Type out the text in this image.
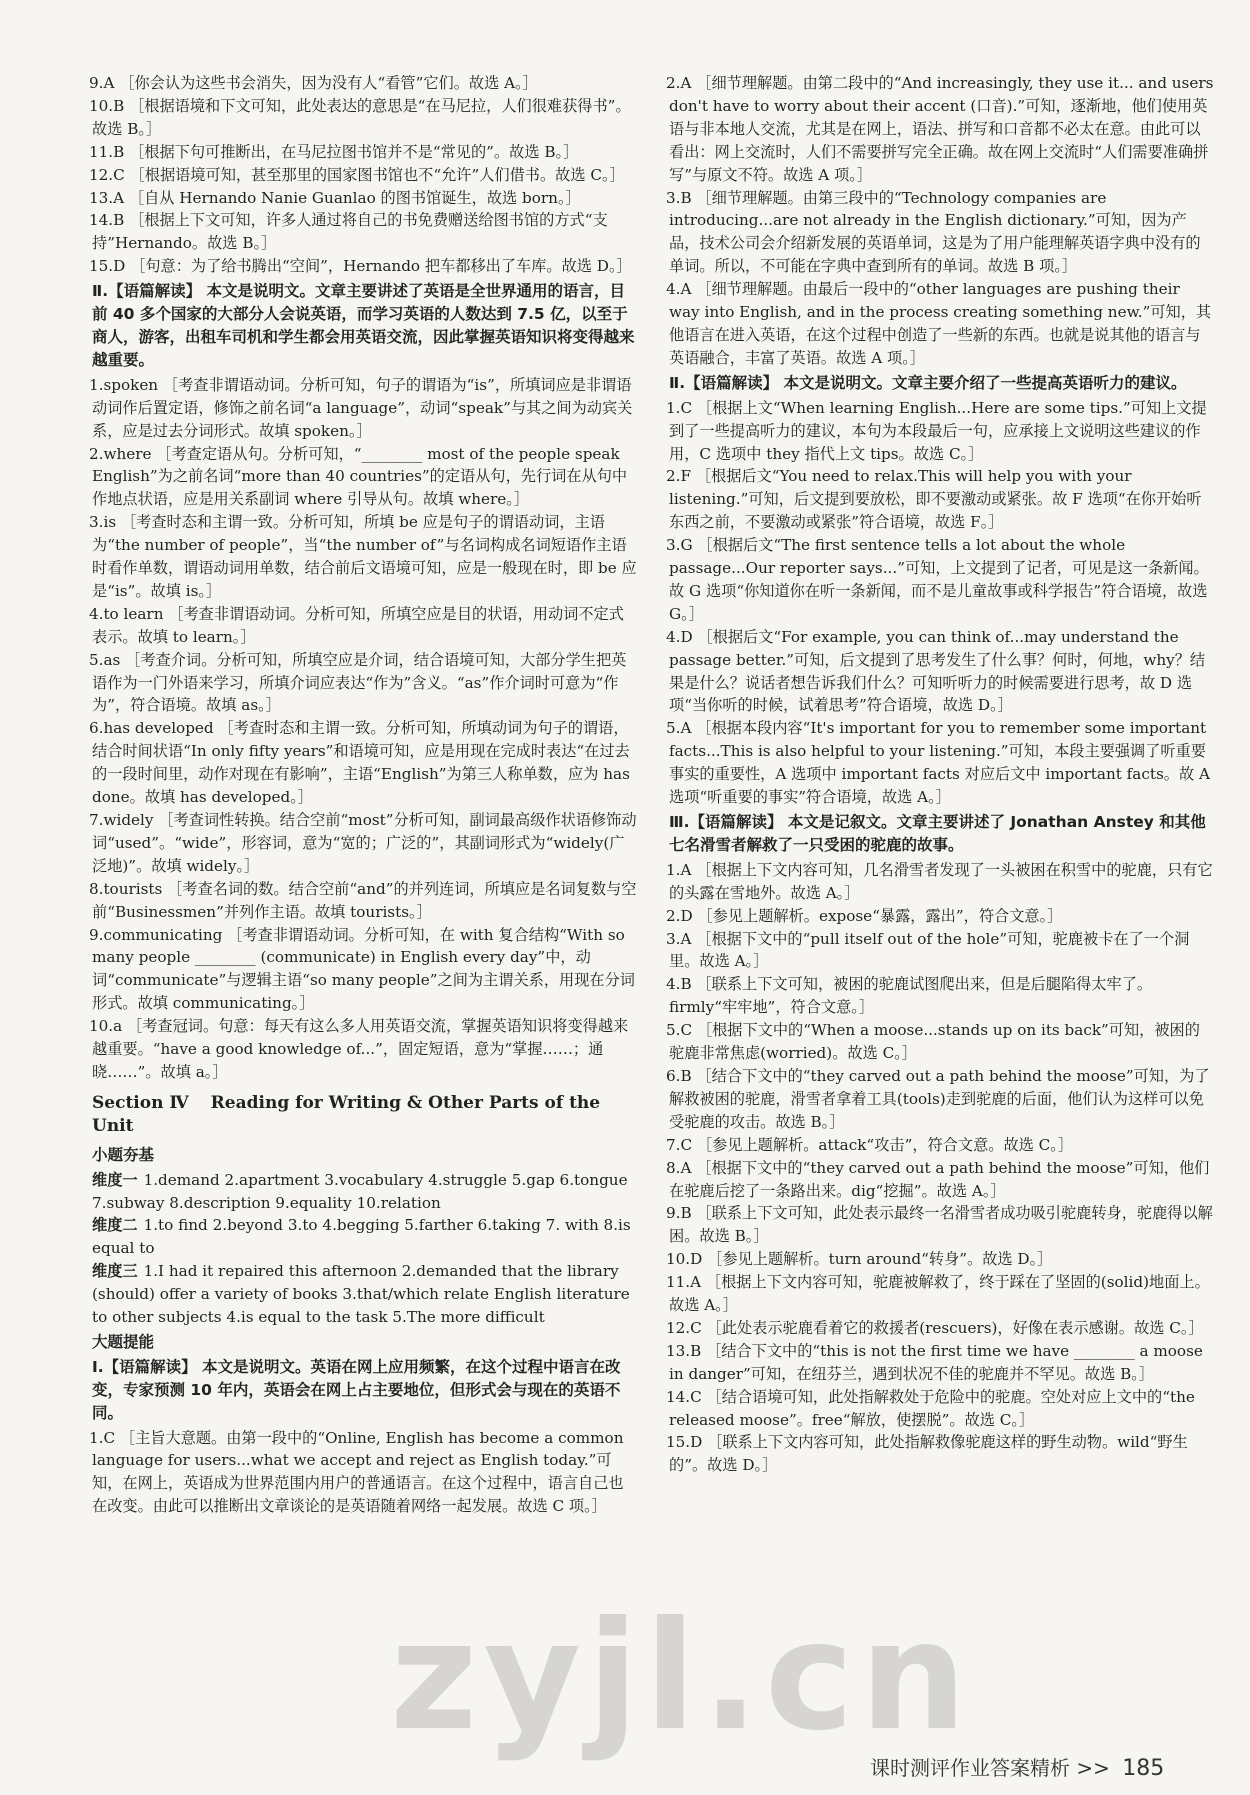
9.A ［你会认为这些书会消失，因为没有人“看管”它们。故选 A。］
10.B ［根据语境和下文可知，此处表达的意思是“在马尼拉，人们很难获得书”。故选 B。］
11.B ［根据下句可推断出，在马尼拉图书馆并不是“常见的”。故选 B。］
12.C ［根据语境可知，甚至那里的国家图书馆也不“允许”人们借书。故选 C。］
13.A ［自从 Hernando Nanie Guanlao 的图书馆诞生，故选 born。］
14.B ［根据上下文可知，许多人通过将自己的书免费赠送给图书馆的方式“支持”Hernando。故选 B。］
15.D ［句意：为了给书腾出“空间”，Hernando 把车都移出了车库。故选 D。］
Ⅱ.【语篇解读】 本文是说明文。文章主要讲述了英语是全世界通用的语言，目前 40 多个国家的大部分人会说英语，而学习英语的人数达到 7.5 亿，以至于商人，游客，出租车司机和学生都会用英语交流，因此掌握英语知识将变得越来越重要。
1.spoken ［考查非谓语动词。分析可知，句子的谓语为“is”，所填词应是非谓语动词作后置定语，修饰之前名词“a language”，动词“speak”与其之间为动宾关系，应是过去分词形式。故填 spoken。］
2.where ［考查定语从句。分析可知，“________ most of the people speak English”为之前名词“more than 40 countries”的定语从句，先行词在从句中作地点状语，应是用关系副词 where 引导从句。故填 where。］
3.is ［考查时态和主谓一致。分析可知，所填 be 应是句子的谓语动词，主语为“the number of people”，当“the number of”与名词构成名词短语作主语时看作单数，谓语动词用单数，结合前后文语境可知，应是一般现在时，即 be 应是“is”。故填 is。］
4.to learn ［考查非谓语动词。分析可知，所填空应是目的状语，用动词不定式表示。故填 to learn。］
5.as ［考查介词。分析可知，所填空应是介词，结合语境可知，大部分学生把英语作为一门外语来学习，所填介词应表达“作为”含义。“as”作介词时可意为“作为”，符合语境。故填 as。］
6.has developed ［考查时态和主谓一致。分析可知，所填动词为句子的谓语，结合时间状语“In only fifty years”和语境可知，应是用现在完成时表达“在过去的一段时间里，动作对现在有影响”，主语“English”为第三人称单数，应为 has done。故填 has developed。］
7.widely ［考查词性转换。结合空前“most”分析可知，副词最高级作状语修饰动词“used”。“wide”，形容词，意为“宽的；广泛的”，其副词形式为“widely(广泛地)”。故填 widely。］
8.tourists ［考查名词的数。结合空前“and”的并列连词，所填应是名词复数与空前“Businessmen”并列作主语。故填 tourists。］
9.communicating ［考查非谓语动词。分析可知，在 with 复合结构“With so many people ________ (communicate) in English every day”中，动词“communicate”与逻辑主语“so many people”之间为主谓关系，用现在分词形式。故填 communicating。］
10.a ［考查冠词。句意：每天有这么多人用英语交流，掌握英语知识将变得越来越重要。“have a good knowledge of...”，固定短语，意为“掌握……；通晓……”。故填 a。］
Section Ⅳ Reading for Writing & Other Parts of the Unit
小题夯基
维度一 1.demand 2.apartment 3.vocabulary 4.struggle 5.gap 6.tongue 7.subway 8.description 9.equality 10.relation
维度二 1.to find 2.beyond 3.to 4.begging 5.farther 6.taking 7. with 8.is equal to
维度三 1.I had it repaired this afternoon 2.demanded that the library (should) offer a variety of books 3.that/which relate English literature to other subjects 4.is equal to the task 5.The more difficult
大题提能
Ⅰ.【语篇解读】 本文是说明文。英语在网上应用频繁，在这个过程中语言在改变，专家预测 10 年内，英语会在网上占主要地位，但形式会与现在的英语不同。
1.C ［主旨大意题。由第一段中的“Online, English has become a common language for users...what we accept and reject as English today.”可知，在网上，英语成为世界范围内用户的普通语言。在这个过程中，语言自己也在改变。由此可以推断出文章谈论的是英语随着网络一起发展。故选 C 项。］
2.A ［细节理解题。由第二段中的“And increasingly, they use it... and users don't have to worry about their accent (口音).”可知，逐渐地，他们使用英语与非本地人交流，尤其是在网上，语法、拼写和口音都不必太在意。由此可以看出：网上交流时，人们不需要拼写完全正确。故在网上交流时“人们需要准确拼写”与原文不符。故选 A 项。］
3.B ［细节理解题。由第三段中的“Technology companies are introducing...are not already in the English dictionary.”可知，因为产品，技术公司会介绍新发展的英语单词，这是为了用户能理解英语字典中没有的单词。所以，不可能在字典中查到所有的单词。故选 B 项。］
4.A ［细节理解题。由最后一段中的“other languages are pushing their way into English, and in the process creating something new.”可知，其他语言在进入英语，在这个过程中创造了一些新的东西。也就是说其他的语言与英语融合，丰富了英语。故选 A 项。］
Ⅱ.【语篇解读】 本文是说明文。文章主要介绍了一些提高英语听力的建议。
1.C ［根据上文“When learning English...Here are some tips.”可知上文提到了一些提高听力的建议，本句为本段最后一句，应承接上文说明这些建议的作用，C 选项中 they 指代上文 tips。故选 C。］
2.F ［根据后文“You need to relax.This will help you with your listening.”可知，后文提到要放松，即不要激动或紧张。故 F 选项“在你开始听东西之前，不要激动或紧张”符合语境，故选 F。］
3.G ［根据后文“The first sentence tells a lot about the whole passage...Our reporter says...”可知，上文提到了记者，可见是这一条新闻。故 G 选项“你知道你在听一条新闻，而不是儿童故事或科学报告”符合语境，故选 G。］
4.D ［根据后文“For example, you can think of...may understand the passage better.”可知，后文提到了思考发生了什么事？何时，何地，why？结果是什么？说话者想告诉我们什么？可知听听力的时候需要进行思考，故 D 选项“当你听的时候，试着思考”符合语境，故选 D。］
5.A ［根据本段内容“It's important for you to remember some important facts...This is also helpful to your listening.”可知，本段主要强调了听重要事实的重要性，A 选项中 important facts 对应后文中 important facts。故 A 选项“听重要的事实”符合语境，故选 A。］
Ⅲ.【语篇解读】 本文是记叙文。文章主要讲述了 Jonathan Anstey 和其他七名滑雪者解救了一只受困的驼鹿的故事。
1.A ［根据上下文内容可知，几名滑雪者发现了一头被困在积雪中的驼鹿，只有它的头露在雪地外。故选 A。］
2.D ［参见上题解析。expose“暴露，露出”，符合文意。］
3.A ［根据下文中的“pull itself out of the hole”可知，驼鹿被卡在了一个洞里。故选 A。］
4.B ［联系上下文可知，被困的驼鹿试图爬出来，但是后腿陷得太牢了。firmly“牢牢地”，符合文意。］
5.C ［根据下文中的“When a moose...stands up on its back”可知，被困的驼鹿非常焦虑(worried)。故选 C。］
6.B ［结合下文中的“they carved out a path behind the moose”可知，为了解救被困的驼鹿，滑雪者拿着工具(tools)走到驼鹿的后面，他们认为这样可以免受驼鹿的攻击。故选 B。］
7.C ［参见上题解析。attack“攻击”，符合文意。故选 C。］
8.A ［根据下文中的“they carved out a path behind the moose”可知，他们在驼鹿后挖了一条路出来。dig“挖掘”。故选 A。］
9.B ［联系上下文可知，此处表示最终一名滑雪者成功吸引驼鹿转身，驼鹿得以解困。故选 B。］
10.D ［参见上题解析。turn around“转身”。故选 D。］
11.A ［根据上下文内容可知，驼鹿被解救了，终于踩在了坚固的(solid)地面上。故选 A。］
12.C ［此处表示驼鹿看着它的救援者(rescuers)，好像在表示感谢。故选 C。］
13.B ［结合下文中的“this is not the first time we have ________ a moose in danger”可知，在纽芬兰，遇到状况不佳的驼鹿并不罕见。故选 B。］
14.C ［结合语境可知，此处指解救处于危险中的驼鹿。空处对应上文中的“the released moose”。free“解放，使摆脱”。故选 C。］
15.D ［联系上下文内容可知，此处指解救像驼鹿这样的野生动物。wild“野生的”。故选 D。］
zyjl.cn
课时测评作业答案精析 >> 185
